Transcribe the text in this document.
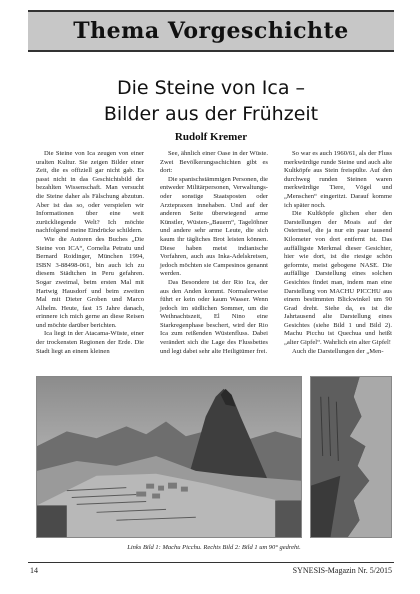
Thema Vorgeschichte
Die Steine von Ica –
Bilder aus der Frühzeit
Rudolf Kremer

Die Steine von Ica zeugen von einer uralten Kultur. Sie zeigen Bilder einer Zeit, die es offiziell gar nicht gab. Es passt nicht in das Geschichtsbild der bezahlten Wissenschaft. Man versucht die Steine daher als Fälschung abzutun. Aber ist das so, oder verspielen wir Informationen über eine weit zurückliegende Welt? Ich möchte nachfolgend meine Eindrücke schildern.

Wie die Autoren des Buches „Die Steine von ICA“, Cornelia Petratu und Bernard Roidinger, München 1994, ISBN 3-88498-061, bin auch ich zu diesem Städtchen in Peru gefahren. Sogar zweimal, beim ersten Mal mit Hartwig Hausdorf und beim zweiten Mal mit Dieter Groben und Marco Alhelm. Heute, fast 15 Jahre danach, erinnere ich mich gerne an diese Reisen und möchte darüber berichten.

Ica liegt in der Atacama-Wüste, einer der trockensten Regionen der Erde. Die Stadt liegt an einem kleinen

See, ähnlich einer Oase in der Wüste. Zwei Bevölkerungsschichten gibt es dort:

Die spanischstämmigen Personen, die entweder Militärpersonen, Verwaltungs- oder sonstige Staatsposten oder Arztepraxen innehaben. Und auf der anderen Seite überwiegend arme Künstler, Wüsten-„Bauern“, Tagelöhner und andere sehr arme Leute, die sich kaum ihr tägliches Brot leisten können. Diese haben meist indianische Vorfahren, auch aus Inka-Adelskreisen, jedoch möchten sie Campesinos genannt werden.

Das Besondere ist der Rio Ica, der aus den Anden kommt. Normalerweise führt er kein oder kaum Wasser. Wenn jedoch im südlichen Sommer, um die Weihnachtszeit, El Nino eine Starkregenphase beschert, wird der Rio Ica zum reißenden Wüstenfluss. Dabei verändert sich die Lage des Flussbettes und legt dabei sehr alte Heiligtümer frei.

So war es auch 1960/61, als der Fluss merkwürdige runde Steine und auch alte Kultköpfe aus Stein freispülte. Auf den durchweg runden Steinen waren merkwürdige Tiere, Vögel und „Menschen“ eingeritzt. Darauf komme ich später noch.

Die Kultköpfe glichen eher den Darstellungen der Moais auf der Osterinsel, die ja nur ein paar tausend Kilometer von dort entfernt ist. Das auffälligste Merkmal dieser Gesichter, hier wie dort, ist die riesige schön geformte, meist gebogene NASE. Die auffällige Darstellung eines solchen Gesichtes findet man, indem man eine Darstellung von MACHU PICCHU aus einem bestimmten Blickwinkel um 90 Grad dreht. Siehe da, es ist die Jahrtausend alte Darstellung eines Gesichtes (siehe Bild 1 und Bild 2). Machu Picchu ist Quechua und heißt „alter Gipfel“. Wahrlich ein alter Gipfel!

Auch die Darstellungen der „Men-

Links Bild 1: Machu Picchu. Rechts Bild 2: Bild 1 um 90° gedreht.
14	SYNESIS-Magazin Nr. 5/2015
